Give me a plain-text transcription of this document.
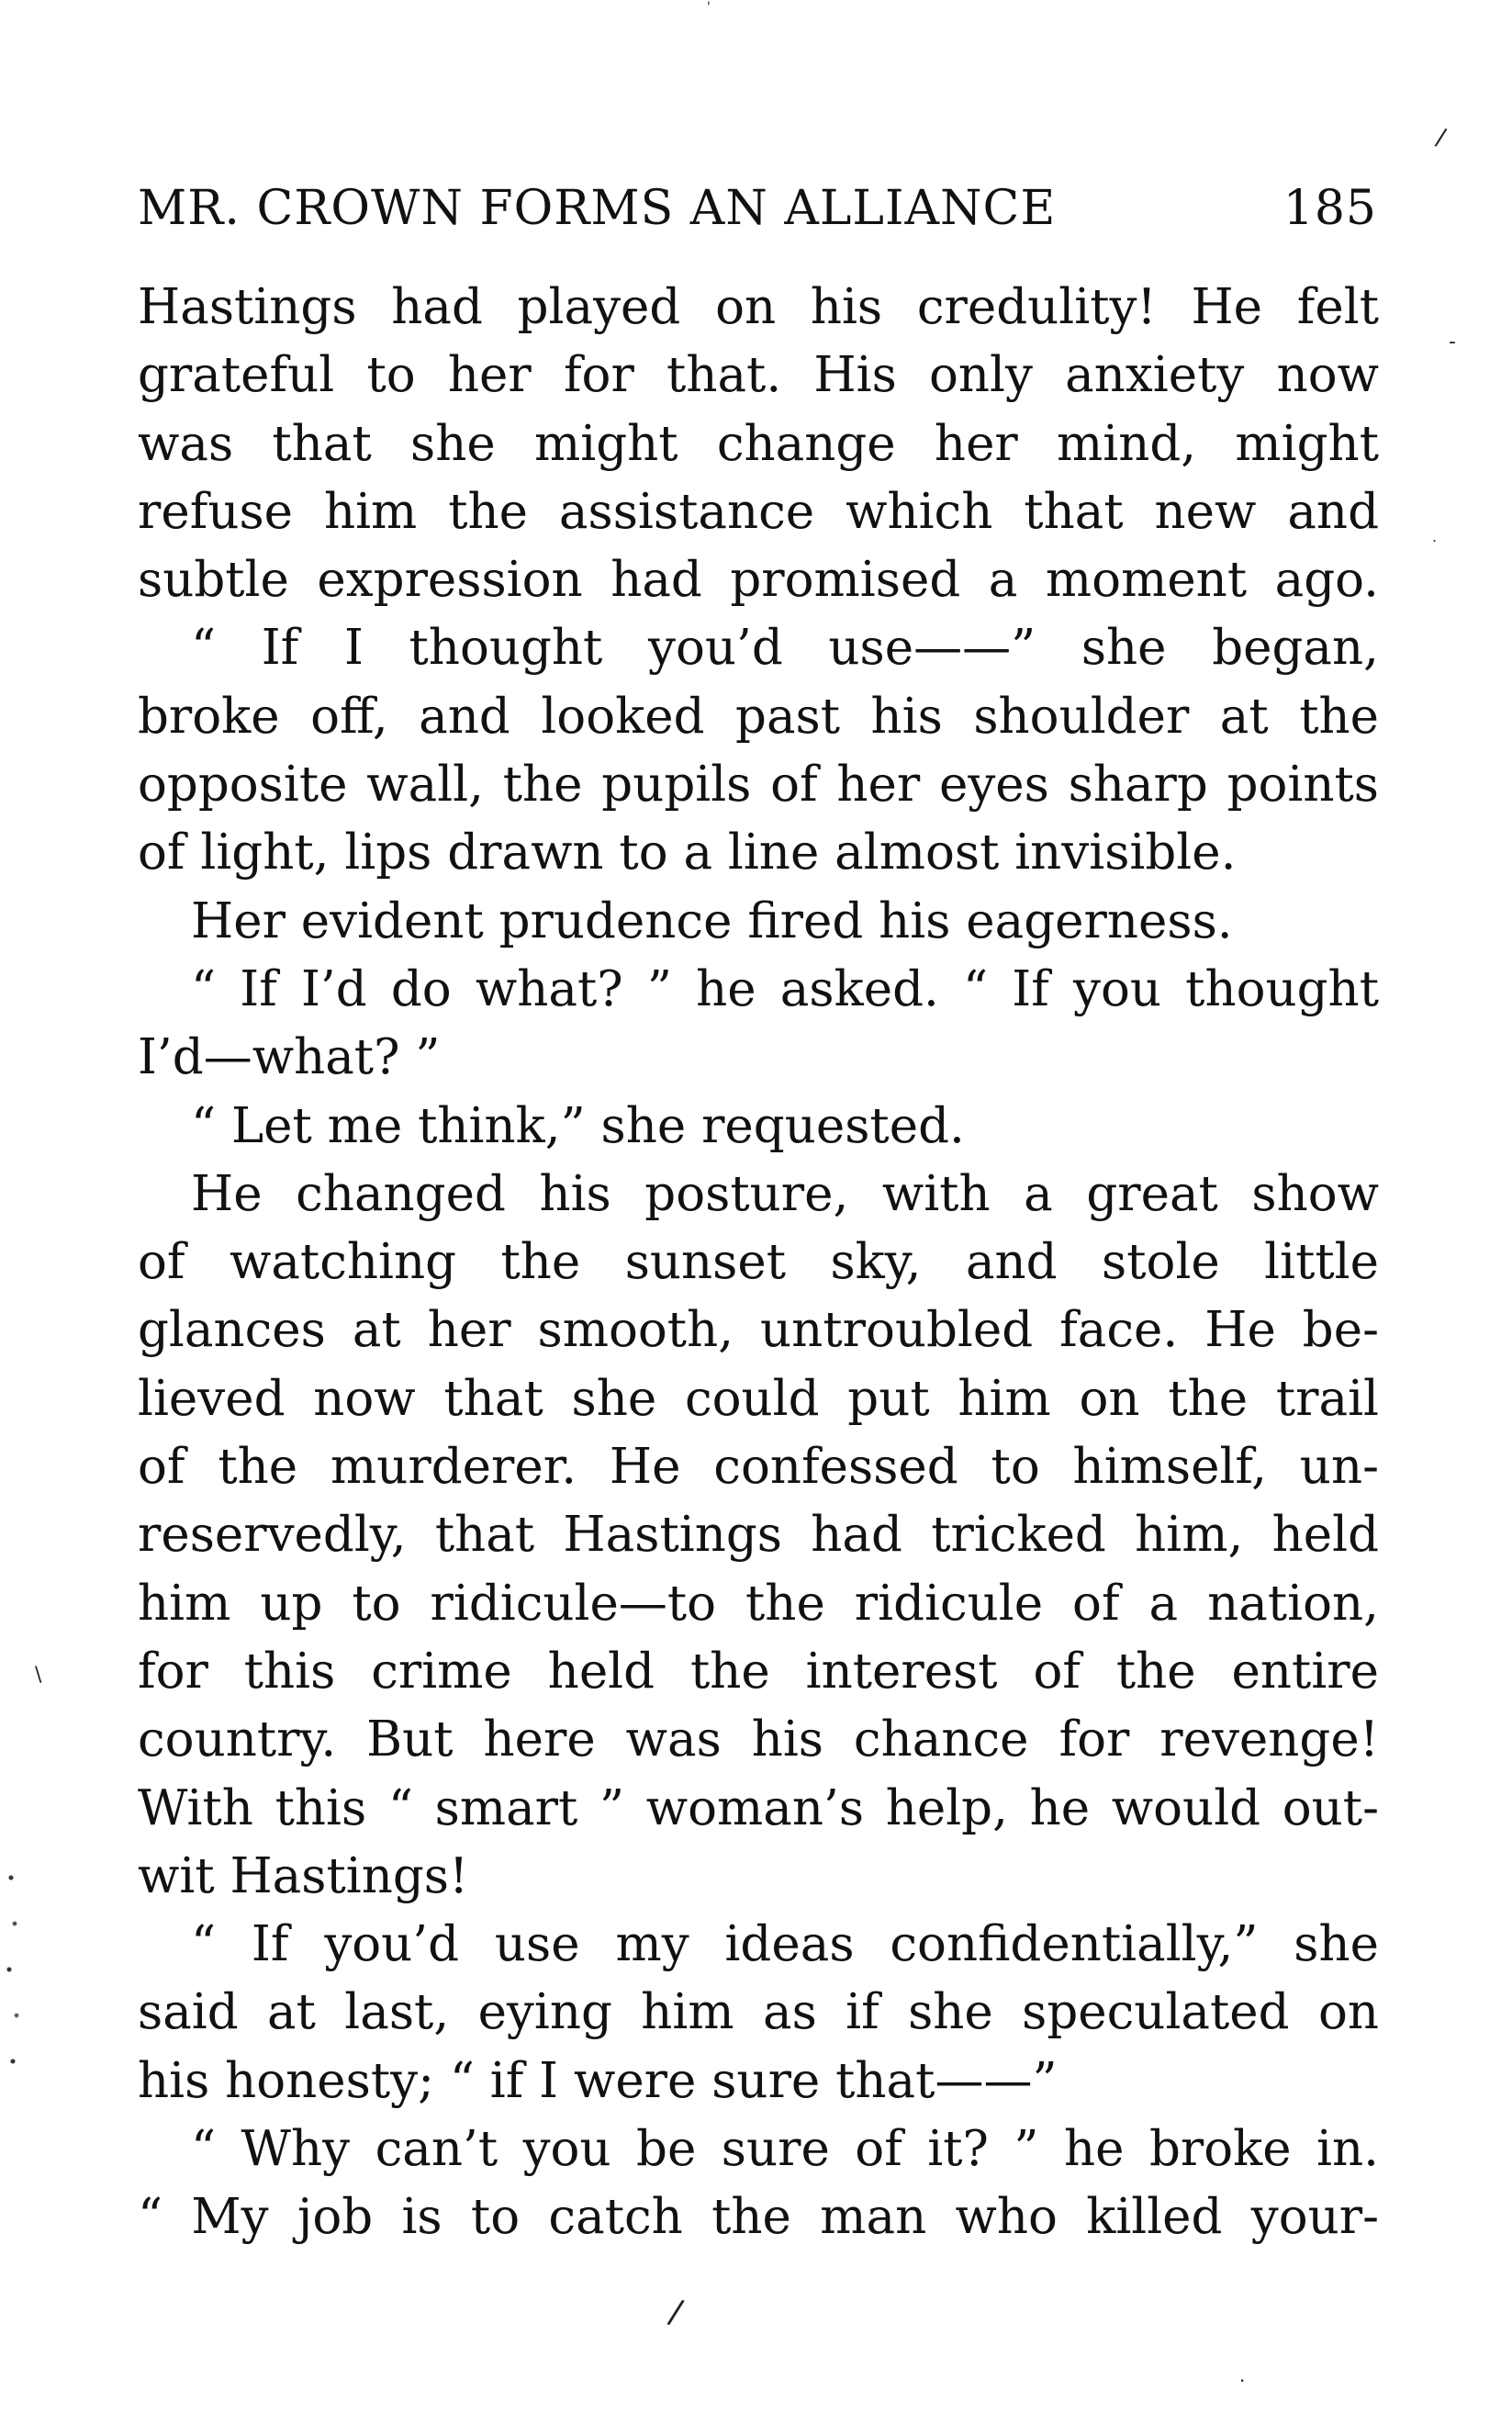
'
/
-
.
\
/
.
MR. CROWN FORMS AN ALLIANCE	185
Hastings had played on his credulity! He felt
grateful to her for that. His only anxiety now
was that she might change her mind, might
refuse him the assistance which that new and
subtle expression had promised a moment ago.
“ If I thought you’d use——” she began,
broke off, and looked past his shoulder at the
opposite wall, the pupils of her eyes sharp points
of light, lips drawn to a line almost invisible.
Her evident prudence fired his eagerness.
“ If I’d do what? ” he asked. “ If you thought
I’d—what? ”
“ Let me think,” she requested.
He changed his posture, with a great show
of watching the sunset sky, and stole little
glances at her smooth, untroubled face. He be-
lieved now that she could put him on the trail
of the murderer. He confessed to himself, un-
reservedly, that Hastings had tricked him, held
him up to ridicule—to the ridicule of a nation,
for this crime held the interest of the entire
country. But here was his chance for revenge!
With this “ smart ” woman’s help, he would out-
wit Hastings!
“ If you’d use my ideas confidentially,” she
said at last, eying him as if she speculated on
his honesty; “ if I were sure that——”
“ Why can’t you be sure of it? ” he broke in.
“ My job is to catch the man who killed your-
